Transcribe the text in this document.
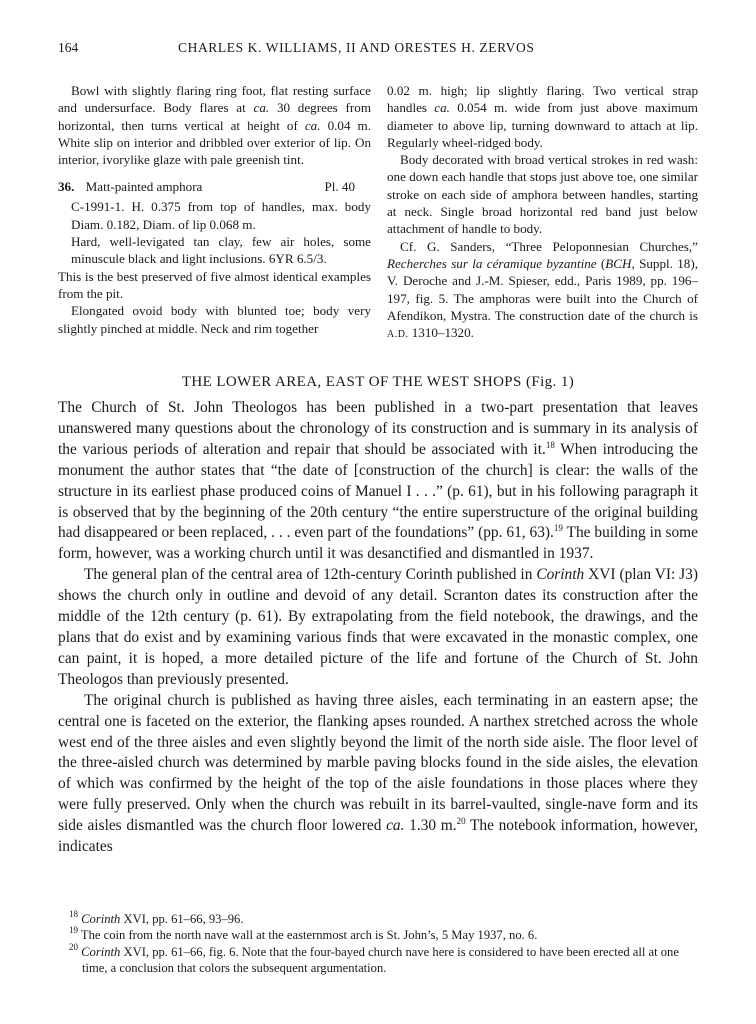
164	CHARLES K. WILLIAMS, II AND ORESTES H. ZERVOS

Bowl with slightly flaring ring foot, flat resting surface and undersurface. Body flares at ca. 30 degrees from horizontal, then turns vertical at height of ca. 0.04 m. White slip on interior and dribbled over exterior of lip. On interior, ivorylike glaze with pale greenish tint.

36. Matt-painted amphora	Pl. 40

C-1991-1. H. 0.375 from top of handles, max. body Diam. 0.182, Diam. of lip 0.068 m.

Hard, well-levigated tan clay, few air holes, some minuscule black and light inclusions. 6YR 6.5/3.

This is the best preserved of five almost identical examples from the pit.

Elongated ovoid body with blunted toe; body very slightly pinched at middle. Neck and rim together

0.02 m. high; lip slightly flaring. Two vertical strap handles ca. 0.054 m. wide from just above maximum diameter to above lip, turning downward to attach at lip. Regularly wheel-ridged body.

Body decorated with broad vertical strokes in red wash: one down each handle that stops just above toe, one similar stroke on each side of amphora between handles, starting at neck. Single broad horizontal red band just below attachment of handle to body.

Cf. G. Sanders, “Three Peloponnesian Churches,” Recherches sur la céramique byzantine (BCH, Suppl. 18), V. Deroche and J.-M. Spieser, edd., Paris 1989, pp. 196–197, fig. 5. The amphoras were built into the Church of Afendikon, Mystra. The construction date of the church is A.D. 1310–1320.

THE LOWER AREA, EAST OF THE WEST SHOPS (Fig. 1)

The Church of St. John Theologos has been published in a two-part presentation that leaves unanswered many questions about the chronology of its construction and is summary in its analysis of the various periods of alteration and repair that should be associated with it.$^{18}$ When introducing the monument the author states that “the date of [construction of the church] is clear: the walls of the structure in its earliest phase produced coins of Manuel I . . .” (p. 61), but in his following paragraph it is observed that by the beginning of the 20th century “the entire superstructure of the original building had disappeared or been replaced, . . . even part of the foundations” (pp. 61, 63).$^{19}$ The building in some form, however, was a working church until it was desanctified and dismantled in 1937.

The general plan of the central area of 12th-century Corinth published in Corinth XVI (plan VI: J3) shows the church only in outline and devoid of any detail. Scranton dates its construction after the middle of the 12th century (p. 61). By extrapolating from the field notebook, the drawings, and the plans that do exist and by examining various finds that were excavated in the monastic complex, one can paint, it is hoped, a more detailed picture of the life and fortune of the Church of St. John Theologos than previously presented.

The original church is published as having three aisles, each terminating in an eastern apse; the central one is faceted on the exterior, the flanking apses rounded. A narthex stretched across the whole west end of the three aisles and even slightly beyond the limit of the north side aisle. The floor level of the three-aisled church was determined by marble paving blocks found in the side aisles, the elevation of which was confirmed by the height of the top of the aisle foundations in those places where they were fully preserved. Only when the church was rebuilt in its barrel-vaulted, single-nave form and its side aisles dismantled was the church floor lowered ca. 1.30 m.$^{20}$ The notebook information, however, indicates

$^{18}$ Corinth XVI, pp. 61–66, 93–96.

$^{19}$ The coin from the north nave wall at the easternmost arch is St. John’s, 5 May 1937, no. 6.

$^{20}$ Corinth XVI, pp. 61–66, fig. 6. Note that the four-bayed church nave here is considered to have been erected all at one time, a conclusion that colors the subsequent argumentation.
